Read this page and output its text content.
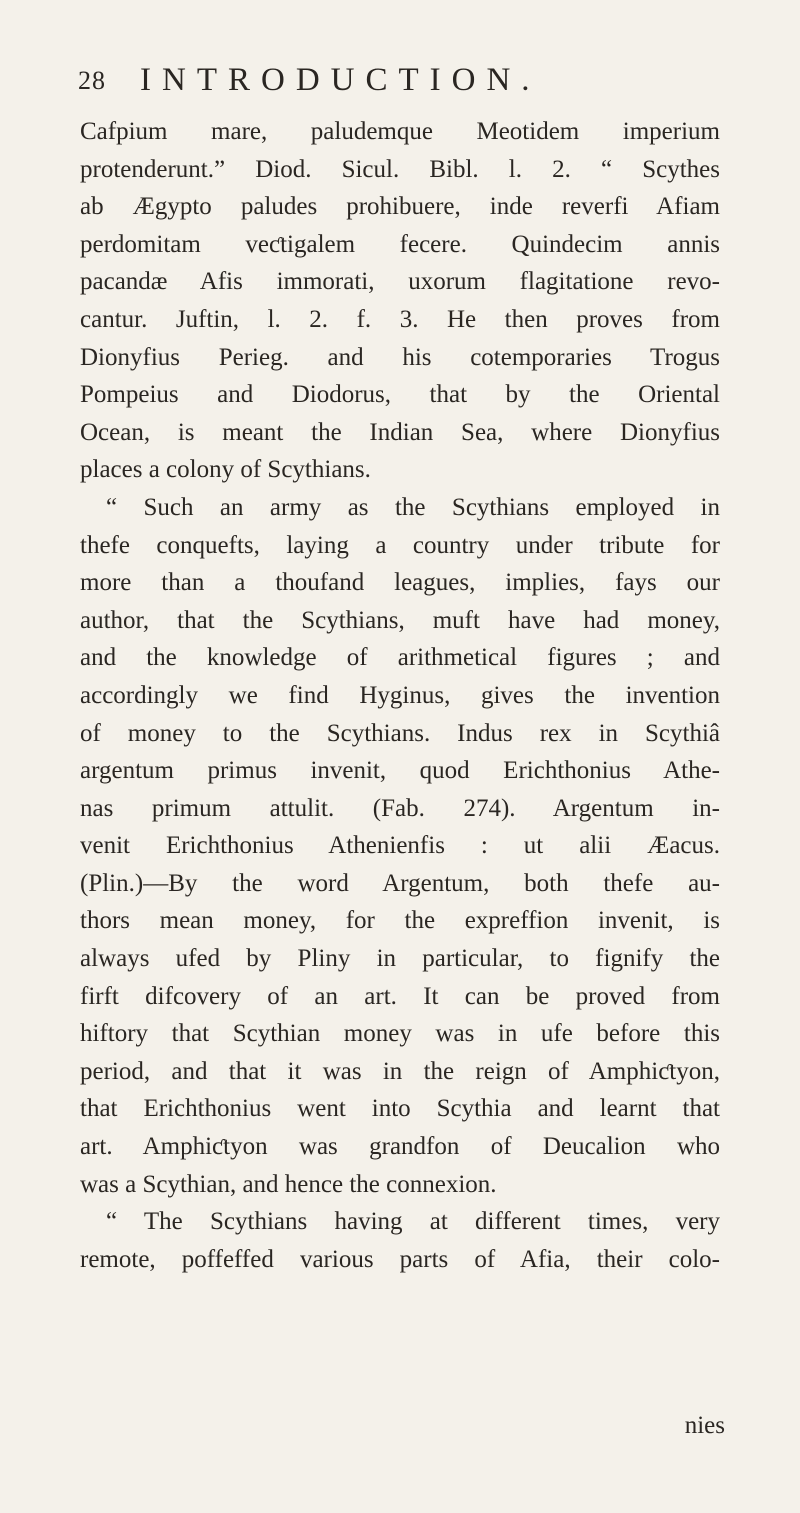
28 INTRODUCTION.
Cafpium mare, paludemque Meotidem imperium
protenderunt.” Diod. Sicul. Bibl. l. 2. “ Scythes
ab Ægypto paludes prohibuere, inde reverfi Afiam
perdomitam veƈtigalem fecere. Quindecim annis
pacandæ Afis immorati, uxorum flagitatione revo-
cantur. Juftin, l. 2. f. 3. He then proves from
Dionyfius Perieg. and his cotemporaries Trogus
Pompeius and Diodorus, that by the Oriental
Ocean, is meant the Indian Sea, where Dionyfius
places a colony of Scythians.
“ Such an army as the Scythians employed in
thefe conquefts, laying a country under tribute for
more than a thoufand leagues, implies, fays our
author, that the Scythians, muft have had money,
and the knowledge of arithmetical figures ; and
accordingly we find Hyginus, gives the invention
of money to the Scythians. Indus rex in Scythiâ
argentum primus invenit, quod Erichthonius Athe-
nas primum attulit. (Fab. 274). Argentum in-
venit Erichthonius Athenienfis : ut alii Æacus.
(Plin.)—By the word Argentum, both thefe au-
thors mean money, for the expreffion invenit, is
always ufed by Pliny in particular, to fignify the
firft difcovery of an art. It can be proved from
hiftory that Scythian money was in ufe before this
period, and that it was in the reign of Amphiƈtyon,
that Erichthonius went into Scythia and learnt that
art. Amphiƈtyon was grandfon of Deucalion who
was a Scythian, and hence the connexion.
“ The Scythians having at different times, very
remote, poffeffed various parts of Afia, their colo-
nies
